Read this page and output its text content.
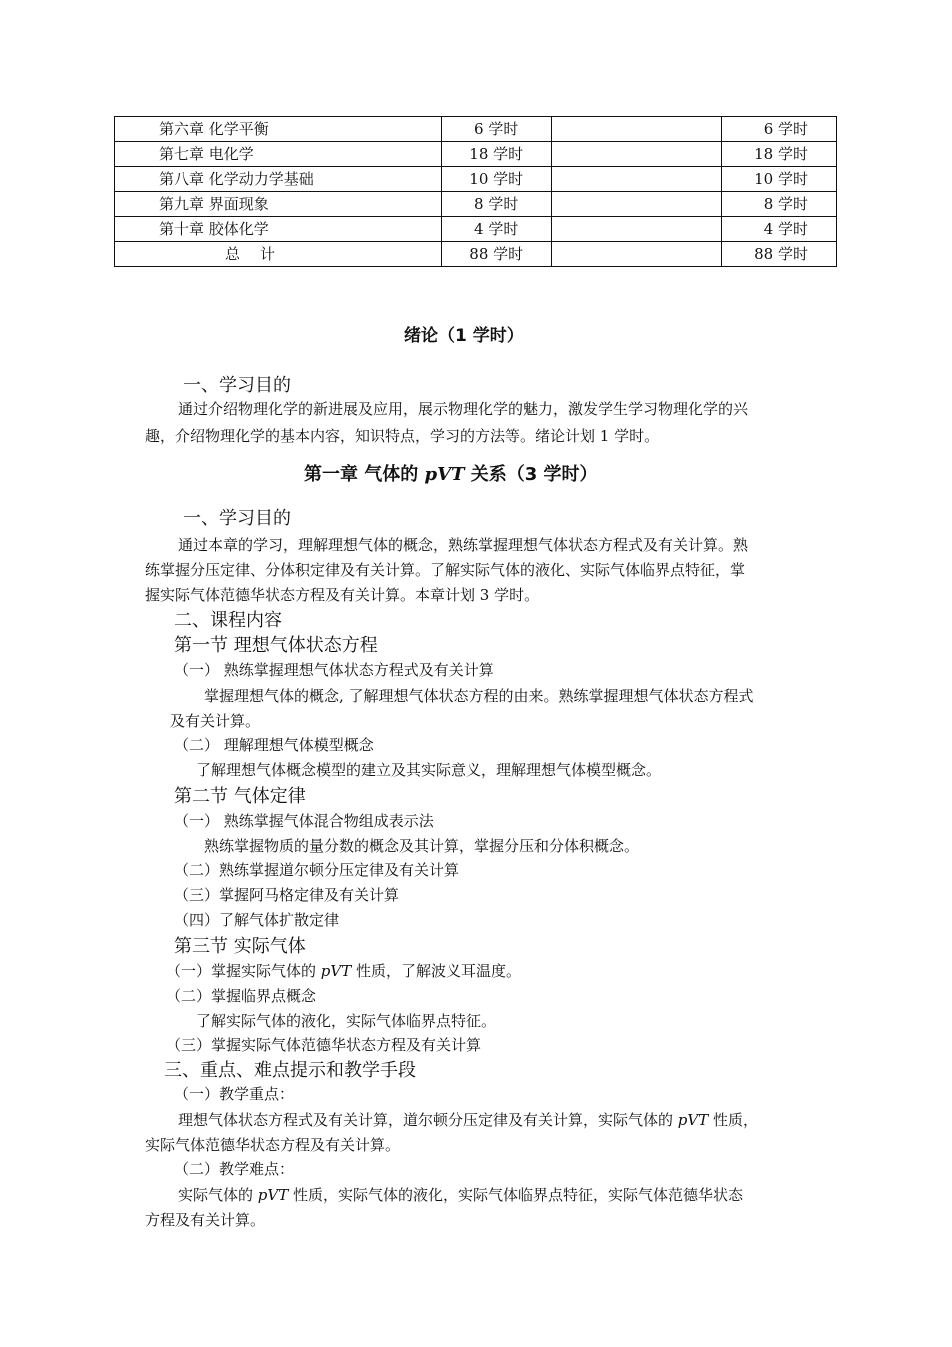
第六章 化学平衡	6 学时		6 学时
第七章 电化学	18 学时		18 学时
第八章 化学动力学基础	10 学时		10 学时
第九章 界面现象	8 学时		8 学时
第十章 胶体化学	4 学时		4 学时
总计	88 学时		88 学时
绪论（1 学时）
一、学习目的
通过介绍物理化学的新进展及应用，展示物理化学的魅力，激发学生学习物理化学的兴
趣，介绍物理化学的基本内容，知识特点，学习的方法等。绪论计划 1 学时。
第一章 气体的 pVT 关系（3 学时）
一、学习目的
通过本章的学习，理解理想气体的概念，熟练掌握理想气体状态方程式及有关计算。熟
练掌握分压定律、分体积定律及有关计算。了解实际气体的液化、实际气体临界点特征，掌
握实际气体范德华状态方程及有关计算。本章计划 3 学时。
二、课程内容
第一节 理想气体状态方程
（一） 熟练掌握理想气体状态方程式及有关计算
掌握理想气体的概念, 了解理想气体状态方程的由来。熟练掌握理想气体状态方程式
及有关计算。
（二） 理解理想气体模型概念
了解理想气体概念模型的建立及其实际意义，理解理想气体模型概念。
第二节 气体定律
（一） 熟练掌握气体混合物组成表示法
熟练掌握物质的量分数的概念及其计算，掌握分压和分体积概念。
（二）熟练掌握道尔顿分压定律及有关计算
（三）掌握阿马格定律及有关计算
（四）了解气体扩散定律
第三节 实际气体
（一）掌握实际气体的 pVT 性质，了解波义耳温度。
（二）掌握临界点概念
了解实际气体的液化，实际气体临界点特征。
（三）掌握实际气体范德华状态方程及有关计算
三、重点、难点提示和教学手段
（一）教学重点：
理想气体状态方程式及有关计算，道尔顿分压定律及有关计算，实际气体的 pVT 性质，
实际气体范德华状态方程及有关计算。
（二）教学难点：
实际气体的 pVT 性质，实际气体的液化，实际气体临界点特征，实际气体范德华状态
方程及有关计算。
